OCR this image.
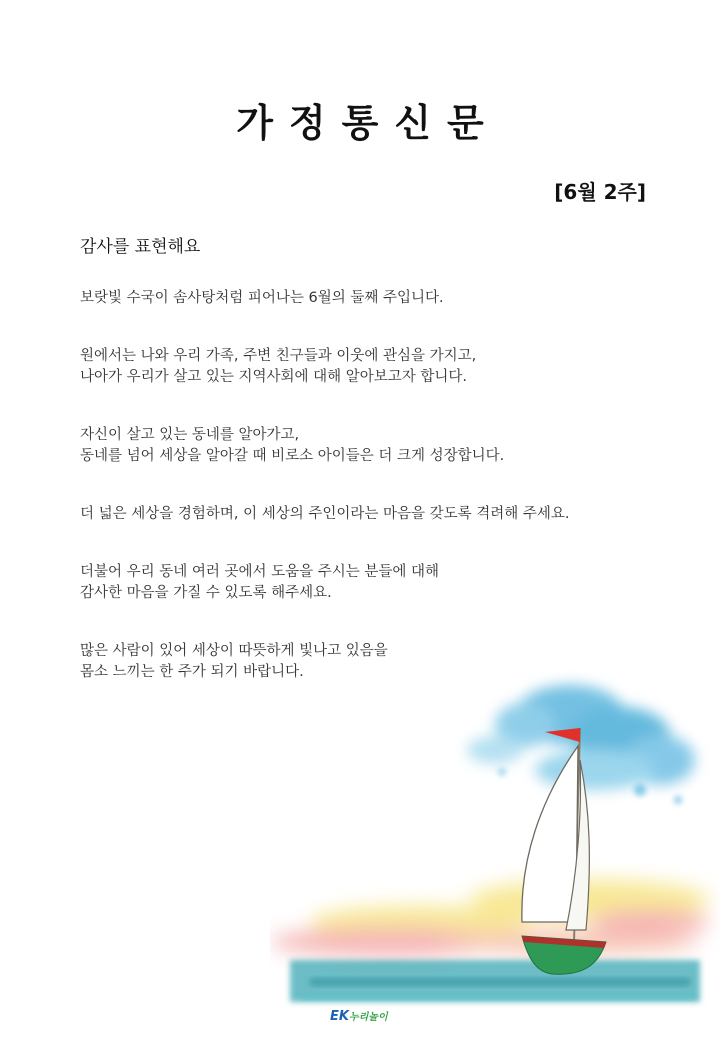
가정통신문
[6월 2주]
감사를 표현해요

보랏빛 수국이 솜사탕처럼 피어나는 6월의 둘째 주입니다.

원에서는 나와 우리 가족, 주변 친구들과 이웃에 관심을 가지고,
나아가 우리가 살고 있는 지역사회에 대해 알아보고자 합니다.

자신이 살고 있는 동네를 알아가고,
동네를 넘어 세상을 알아갈 때 비로소 아이들은 더 크게 성장합니다.

더 넓은 세상을 경험하며, 이 세상의 주인이라는 마음을 갖도록 격려해 주세요.

더불어 우리 동네 여러 곳에서 도움을 주시는 분들에 대해
감사한 마음을 가질 수 있도록 해주세요.

많은 사람이 있어 세상이 따뜻하게 빛나고 있음을
몸소 느끼는 한 주가 되기 바랍니다.

EK누리놀이
